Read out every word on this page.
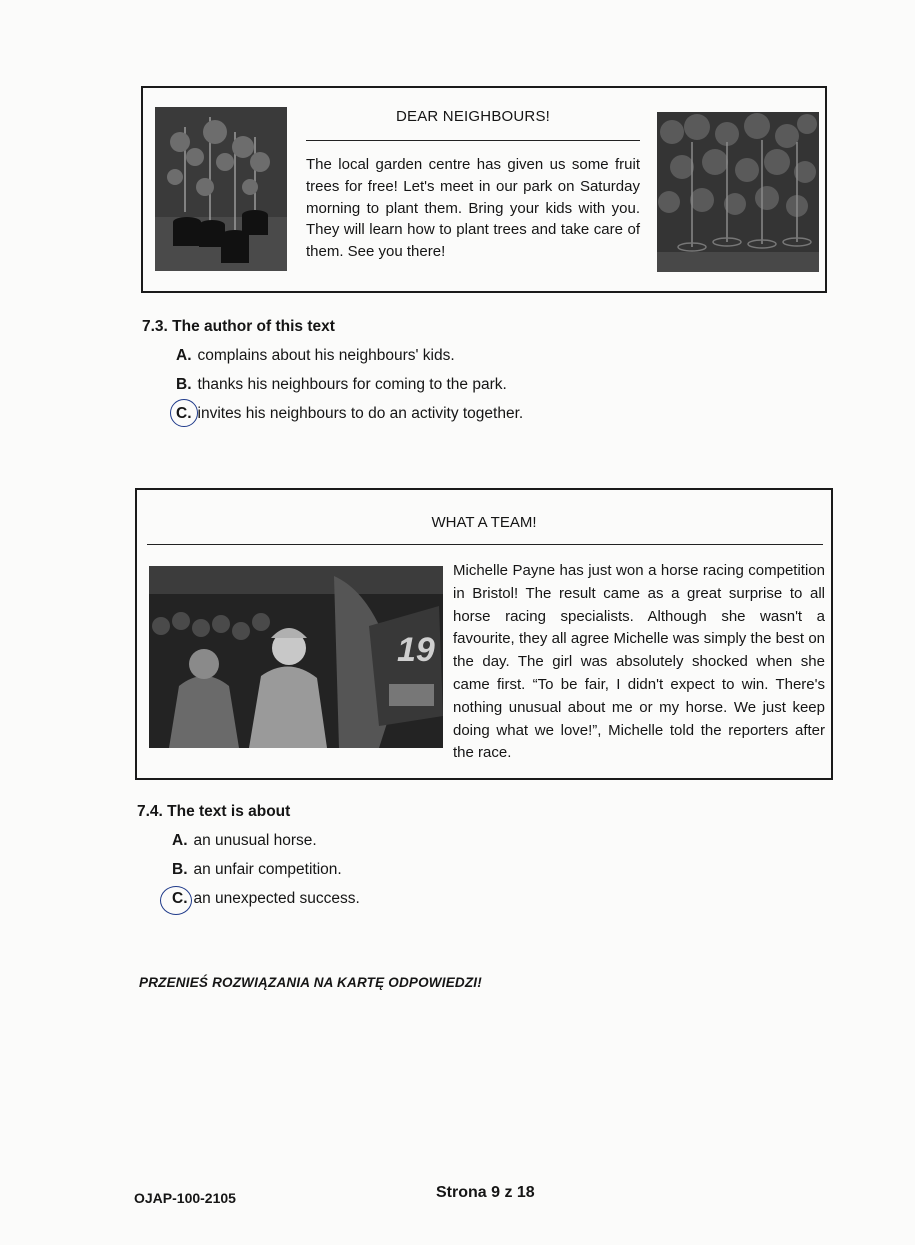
DEAR NEIGHBOURS!
The local garden centre has given us some fruit trees for free! Let's meet in our park on Saturday morning to plant them. Bring your kids with you. They will learn how to plant trees and take care of them. See you there!
7.3. The author of this text
A. complains about his neighbours' kids.
B. thanks his neighbours for coming to the park.
C. invites his neighbours to do an activity together.
WHAT A TEAM!
19
Michelle Payne has just won a horse racing competition in Bristol! The result came as a great surprise to all horse racing specialists. Although she wasn't a favourite, they all agree Michelle was simply the best on the day. The girl was absolutely shocked when she came first. “To be fair, I didn't expect to win. There's nothing unusual about me or my horse. We just keep doing what we love!”, Michelle told the reporters after the race.
7.4. The text is about
A. an unusual horse.
B. an unfair competition.
C. an unexpected success.
PRZENIEŚ ROZWIĄZANIA NA KARTĘ ODPOWIEDZI!
OJAP-100-2105	Strona 9 z 18
